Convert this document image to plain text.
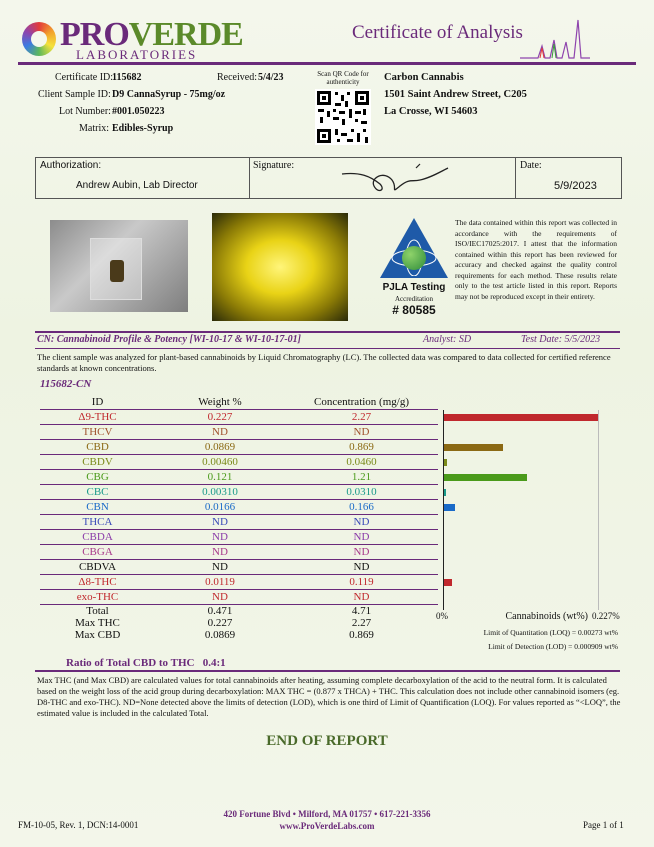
PROVERDE
LABORATORIES
Certificate of Analysis
Certificate ID:
115682	Received: 5/4/23
Client Sample ID: D9 CannaSyrup - 75mg/oz
Lot Number: #001.050223
Matrix: Edibles-Syrup
Scan QR Code for authenticity	Carbon Cannabis
1501 Saint Andrew Street, C205
La Crosse, WI 54603
Authorization:
Andrew Aubin, Lab Director
Signature:	Date:
5/9/2023
PJLA Testing
Accreditation
# 80585
The data contained within this report was collected in accordance with the requirements of ISO/IEC17025:2017. I attest that the information contained within this report has been reviewed for accuracy and checked against the quality control requirements for each method. These results relate only to the test article listed in this report. Reports may not be reproduced except in their entirety.
CN: Cannabinoid Profile & Potency [WI-10-17 & WI-10-17-01]	Analyst: SD	Test Date: 5/5/2023
The client sample was analyzed for plant-based cannabinoids by Liquid Chromatography (LC). The collected data was compared to data collected for certified reference standards at known concentrations.
115682-CN
ID	Weight %	Concentration (mg/g)
Δ9-THC	0.227	2.27
THCV	ND	ND
CBD	0.0869	0.869
CBDV	0.00460	0.0460
CBG	0.121	1.21
CBC	0.00310	0.0310
CBN	0.0166	0.166
THCA	ND	ND
CBDA	ND	ND
CBGA	ND	ND
CBDVA	ND	ND
Δ8-THC	0.0119	0.119
exo-THC	ND	ND
Total	0.471	4.71
Max THC	0.227	2.27
Max CBD	0.0869	0.869
0%	Cannabinoids (wt%) 0.227%
Limit of Quantitation (LOQ) = 0.00273 wt%
Limit of Detection (LOD) = 0.000909 wt%
Ratio of Total CBD to THC   0.4:1
Max THC (and Max CBD) are calculated values for total cannabinoids after heating, assuming complete decarboxylation of the acid to the neutral form. It is calculated based on the weight loss of the acid group during decarboxylation: MAX THC = (0.877 x THCA) + THC. This calculation does not include other cannabinoid isomers (eg. D8-THC and exo-THC). ND=None detected above the limits of detection (LOD), which is one third of Limit of Quantification (LOQ). For values reported as “<LOQ”, the estimated value is included in the calculated Total.
END OF REPORT
420 Fortune Blvd • Milford, MA 01757 • 617-221-3356
www.ProVerdeLabs.com
FM-10-05, Rev. 1, DCN:14-0001	Page 1 of 1
